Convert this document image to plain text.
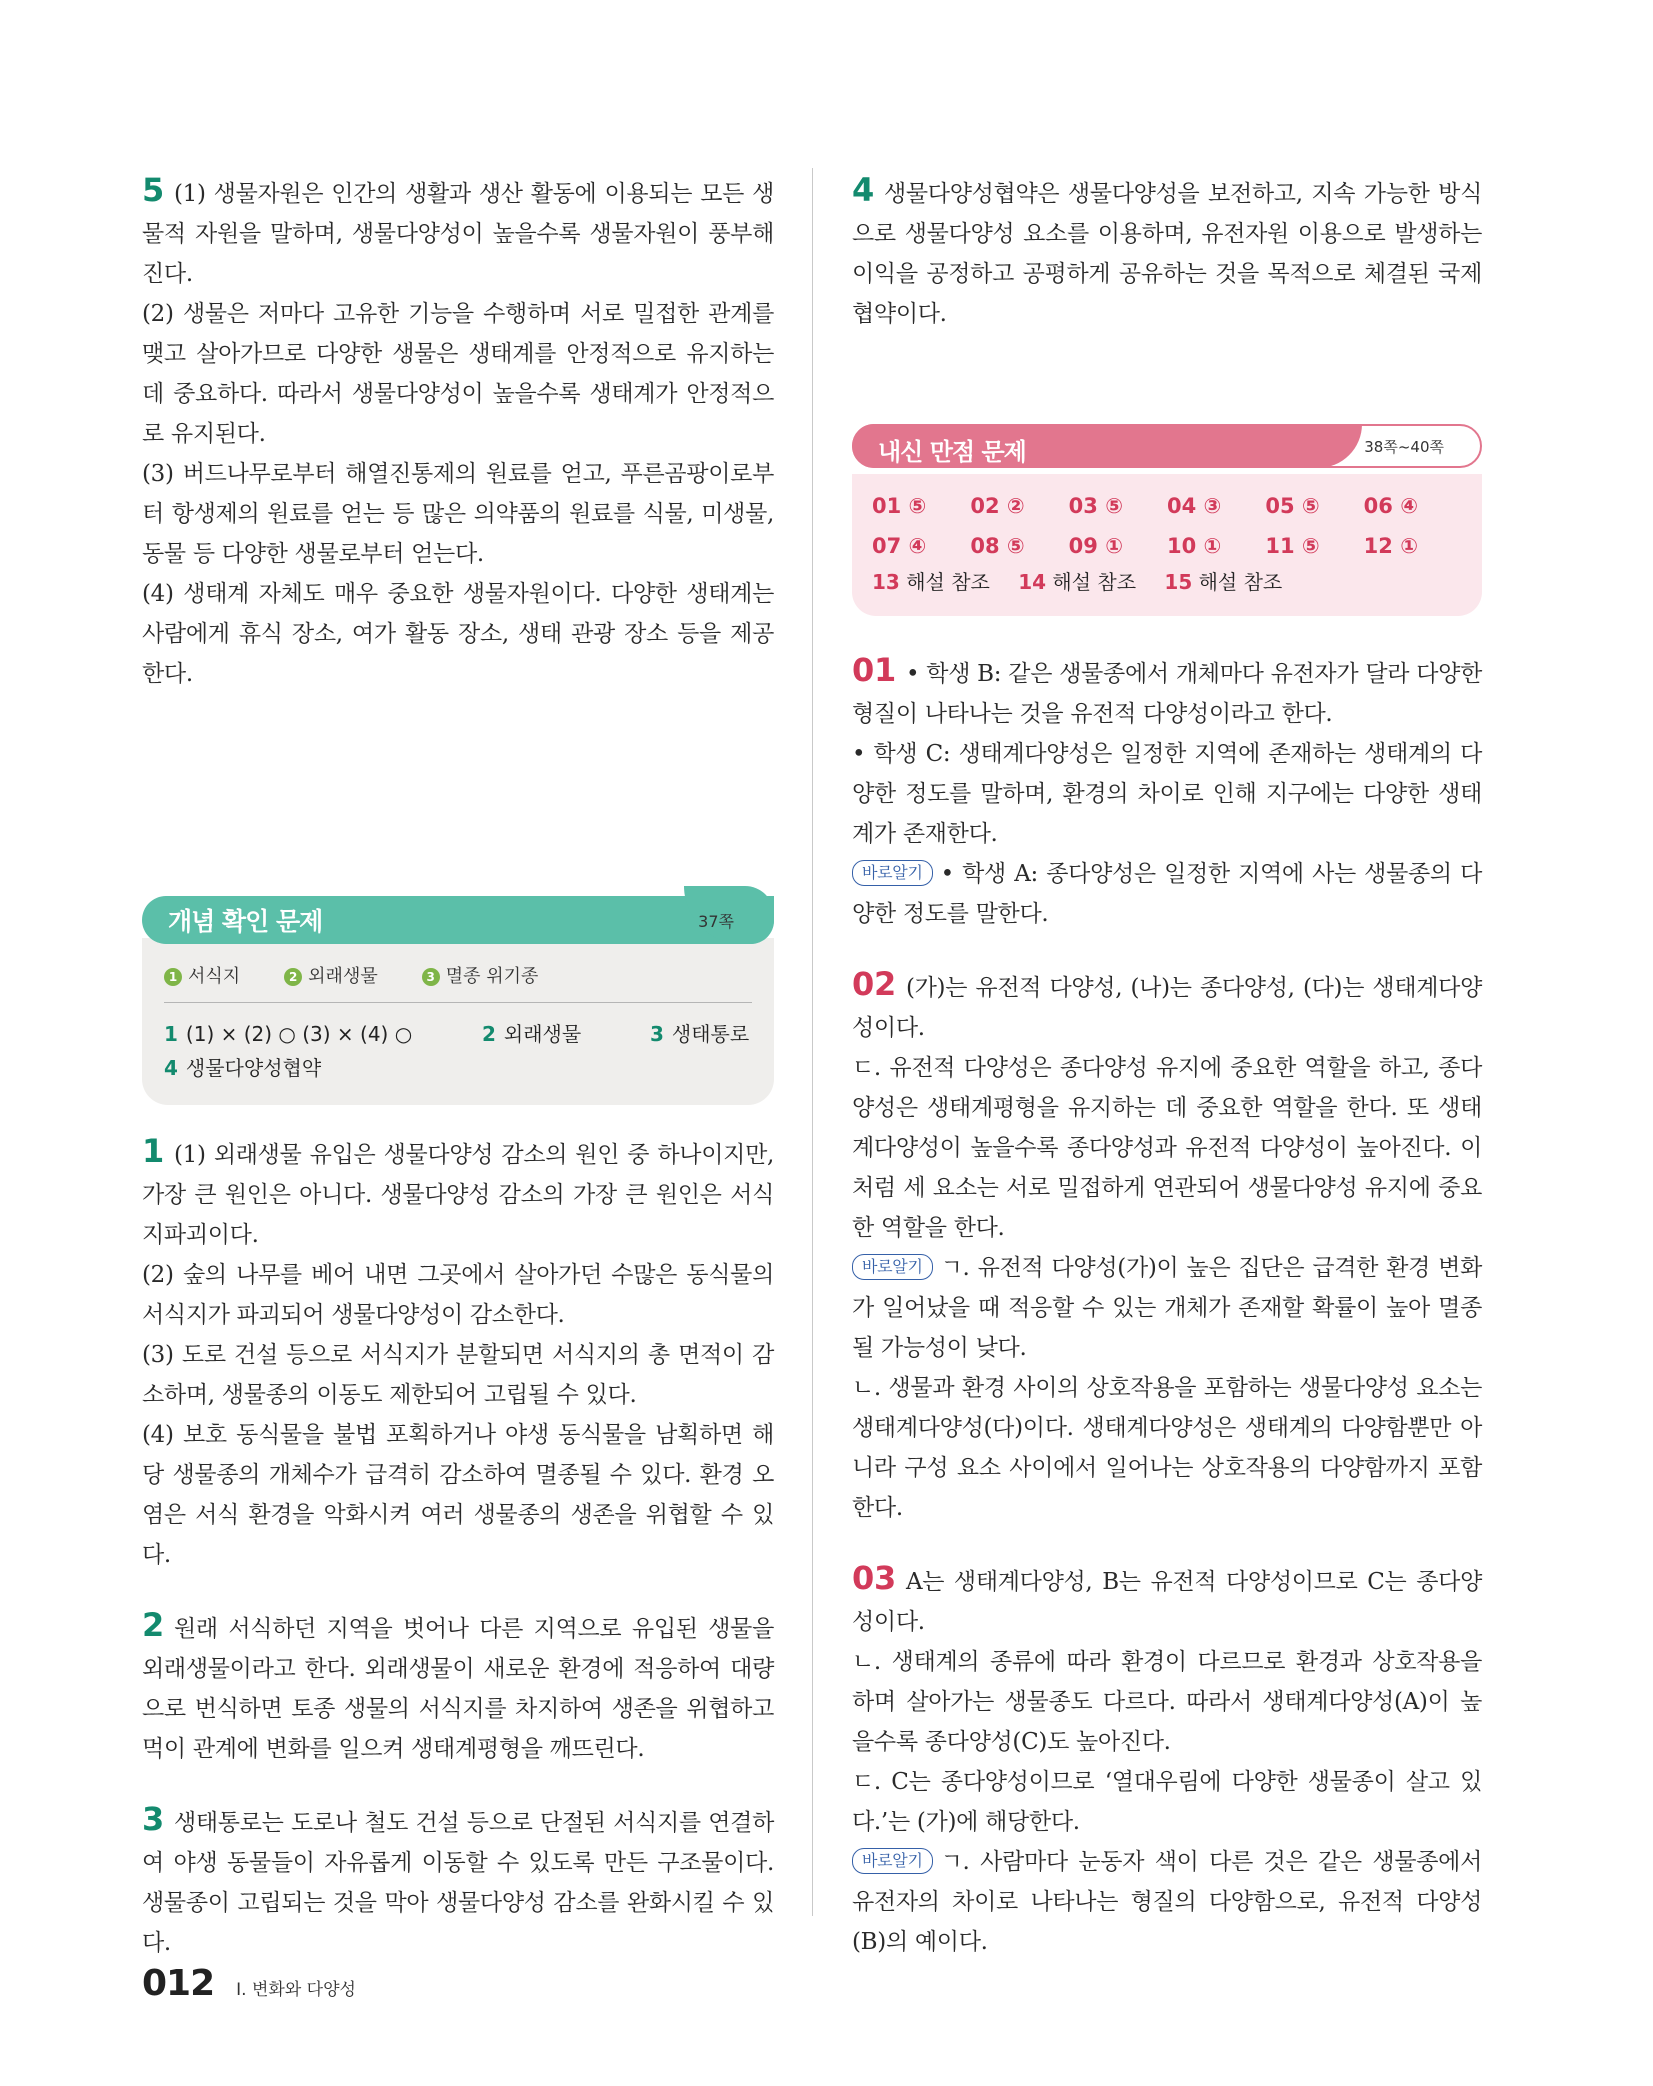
5 (1) 생물자원은 인간의 생활과 생산 활동에 이용되는 모든 생물적 자원을 말하며, 생물다양성이 높을수록 생물자원이 풍부해진다.

(2) 생물은 저마다 고유한 기능을 수행하며 서로 밀접한 관계를 맺고 살아가므로 다양한 생물은 생태계를 안정적으로 유지하는 데 중요하다. 따라서 생물다양성이 높을수록 생태계가 안정적으로 유지된다.

(3) 버드나무로부터 해열진통제의 원료를 얻고, 푸른곰팡이로부터 항생제의 원료를 얻는 등 많은 의약품의 원료를 식물, 미생물, 동물 등 다양한 생물로부터 얻는다.

(4) 생태계 자체도 매우 중요한 생물자원이다. 다양한 생태계는 사람에게 휴식 장소, 여가 활동 장소, 생태 관광 장소 등을 제공한다.

개념 확인 문제	37쪽
1 서식지	2 외래생물	3 멸종 위기종
1 (1) × (2) ○ (3) × (4) ○	2 외래생물	3 생태통로
4 생물다양성협약

1 (1) 외래생물 유입은 생물다양성 감소의 원인 중 하나이지만, 가장 큰 원인은 아니다. 생물다양성 감소의 가장 큰 원인은 서식지파괴이다.

(2) 숲의 나무를 베어 내면 그곳에서 살아가던 수많은 동식물의 서식지가 파괴되어 생물다양성이 감소한다.

(3) 도로 건설 등으로 서식지가 분할되면 서식지의 총 면적이 감소하며, 생물종의 이동도 제한되어 고립될 수 있다.

(4) 보호 동식물을 불법 포획하거나 야생 동식물을 남획하면 해당 생물종의 개체수가 급격히 감소하여 멸종될 수 있다. 환경 오염은 서식 환경을 악화시켜 여러 생물종의 생존을 위협할 수 있다.

2 원래 서식하던 지역을 벗어나 다른 지역으로 유입된 생물을 외래생물이라고 한다. 외래생물이 새로운 환경에 적응하여 대량으로 번식하면 토종 생물의 서식지를 차지하여 생존을 위협하고 먹이 관계에 변화를 일으켜 생태계평형을 깨뜨린다.

3 생태통로는 도로나 철도 건설 등으로 단절된 서식지를 연결하여 야생 동물들이 자유롭게 이동할 수 있도록 만든 구조물이다. 생물종이 고립되는 것을 막아 생물다양성 감소를 완화시킬 수 있다.

4 생물다양성협약은 생물다양성을 보전하고, 지속 가능한 방식으로 생물다양성 요소를 이용하며, 유전자원 이용으로 발생하는 이익을 공정하고 공평하게 공유하는 것을 목적으로 체결된 국제 협약이다.

내신 만점 문제	38쪽~40쪽
01 ⑤	02 ②	03 ⑤	04 ③	05 ⑤	06 ④
07 ④	08 ⑤	09 ①	10 ①	11 ⑤	12 ①
13 해설 참조 14 해설 참조 15 해설 참조

01 • 학생 B: 같은 생물종에서 개체마다 유전자가 달라 다양한 형질이 나타나는 것을 유전적 다양성이라고 한다.

• 학생 C: 생태계다양성은 일정한 지역에 존재하는 생태계의 다양한 정도를 말하며, 환경의 차이로 인해 지구에는 다양한 생태계가 존재한다.

바로알기 • 학생 A: 종다양성은 일정한 지역에 사는 생물종의 다양한 정도를 말한다.

02 (가)는 유전적 다양성, (나)는 종다양성, (다)는 생태계다양성이다.

ㄷ. 유전적 다양성은 종다양성 유지에 중요한 역할을 하고, 종다양성은 생태계평형을 유지하는 데 중요한 역할을 한다. 또 생태계다양성이 높을수록 종다양성과 유전적 다양성이 높아진다. 이처럼 세 요소는 서로 밀접하게 연관되어 생물다양성 유지에 중요한 역할을 한다.

바로알기 ㄱ. 유전적 다양성(가)이 높은 집단은 급격한 환경 변화가 일어났을 때 적응할 수 있는 개체가 존재할 확률이 높아 멸종될 가능성이 낮다.

ㄴ. 생물과 환경 사이의 상호작용을 포함하는 생물다양성 요소는 생태계다양성(다)이다. 생태계다양성은 생태계의 다양함뿐만 아니라 구성 요소 사이에서 일어나는 상호작용의 다양함까지 포함한다.

03 A는 생태계다양성, B는 유전적 다양성이므로 C는 종다양성이다.

ㄴ. 생태계의 종류에 따라 환경이 다르므로 환경과 상호작용을 하며 살아가는 생물종도 다르다. 따라서 생태계다양성(A)이 높을수록 종다양성(C)도 높아진다.

ㄷ. C는 종다양성이므로 ‘열대우림에 다양한 생물종이 살고 있다.’는 (가)에 해당한다.

바로알기 ㄱ. 사람마다 눈동자 색이 다른 것은 같은 생물종에서 유전자의 차이로 나타나는 형질의 다양함으로, 유전적 다양성(B)의 예이다.

012 I. 변화와 다양성
